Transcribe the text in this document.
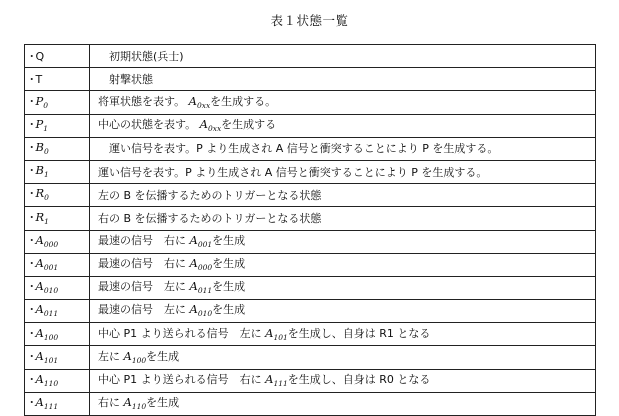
表１状態一覧
･Q	　初期状態(兵士)
･T	　射撃状態
･$P_0$	将軍状態を表す。 $A_{0xx}$を生成する。
･$P_1$	中心の状態を表す。 $A_{0xx}$を生成する
･$B_0$	　運い信号を表す。P より生成され A 信号と衝突することにより P を生成する。
･$B_1$	運い信号を表す。P より生成され A 信号と衝突することにより P を生成する。
･$R_0$	左の B を伝播するためのトリガーとなる状態
･$R_1$	右の B を伝播するためのトリガーとなる状態
･$A_{000}$	最速の信号　右に $A_{001}$を生成
･$A_{001}$	最速の信号　右に $A_{000}$を生成
･$A_{010}$	最速の信号　左に $A_{011}$を生成
･$A_{011}$	最速の信号　左に $A_{010}$を生成
･$A_{100}$	中心 P1 より送られる信号　左に $A_{101}$を生成し、自身は R1 となる
･$A_{101}$	左に $A_{100}$を生成
･$A_{110}$	中心 P1 より送られる信号　右に $A_{111}$を生成し、自身は R0 となる
･$A_{111}$	右に $A_{110}$を生成
